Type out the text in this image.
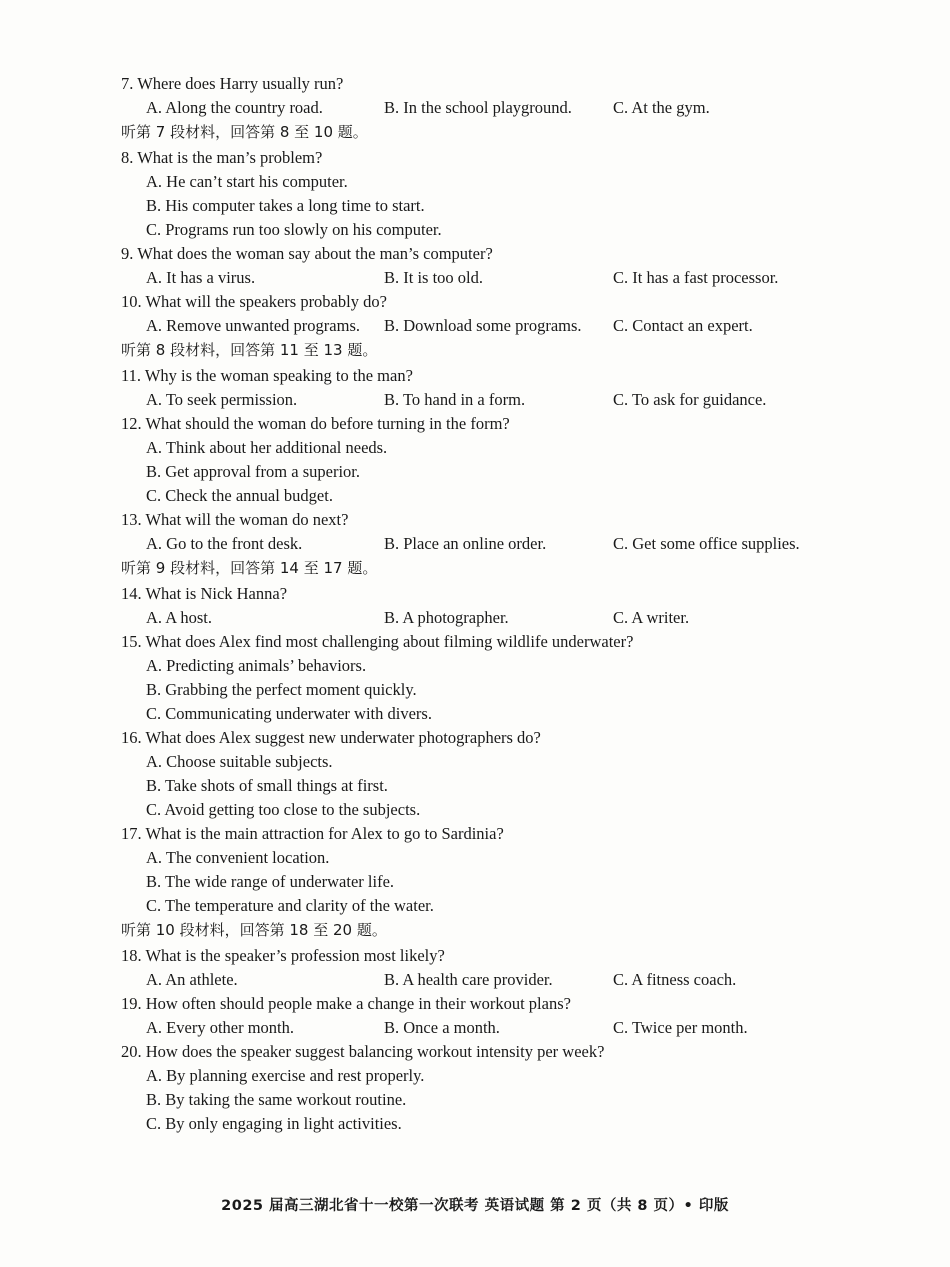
7. Where does Harry usually run?
A. Along the country road.	B. In the school playground. C. At the gym.
听第 7 段材料，回答第 8 至 10 题。
8. What is the man’s problem?
A. He can’t start his computer.
B. His computer takes a long time to start.
C. Programs run too slowly on his computer.
9. What does the woman say about the man’s computer?
A. It has a virus.	B. It is too old.	C. It has a fast processor.
10. What will the speakers probably do?
A. Remove unwanted programs. B. Download some programs. C. Contact an expert.
听第 8 段材料，回答第 11 至 13 题。
11. Why is the woman speaking to the man?
A. To seek permission.	B. To hand in a form.	C. To ask for guidance.
12. What should the woman do before turning in the form?
A. Think about her additional needs.
B. Get approval from a superior.
C. Check the annual budget.
13. What will the woman do next?
A. Go to the front desk.	B. Place an online order.	C. Get some office supplies.
听第 9 段材料，回答第 14 至 17 题。
14. What is Nick Hanna?
A. A host.	B. A photographer.	C. A writer.
15. What does Alex find most challenging about filming wildlife underwater?
A. Predicting animals’ behaviors.
B. Grabbing the perfect moment quickly.
C. Communicating underwater with divers.
16. What does Alex suggest new underwater photographers do?
A. Choose suitable subjects.
B. Take shots of small things at first.
C. Avoid getting too close to the subjects.
17. What is the main attraction for Alex to go to Sardinia?
A. The convenient location.
B. The wide range of underwater life.
C. The temperature and clarity of the water.
听第 10 段材料，回答第 18 至 20 题。
18. What is the speaker’s profession most likely?
A. An athlete.	B. A health care provider.	C. A fitness coach.
19. How often should people make a change in their workout plans?
A. Every other month.	B. Once a month.	C. Twice per month.
20. How does the speaker suggest balancing workout intensity per week?
A. By planning exercise and rest properly.
B. By taking the same workout routine.
C. By only engaging in light activities.
2025 届高三湖北省十一校第一次联考 英语试题 第 2 页（共 8 页）• 印版
